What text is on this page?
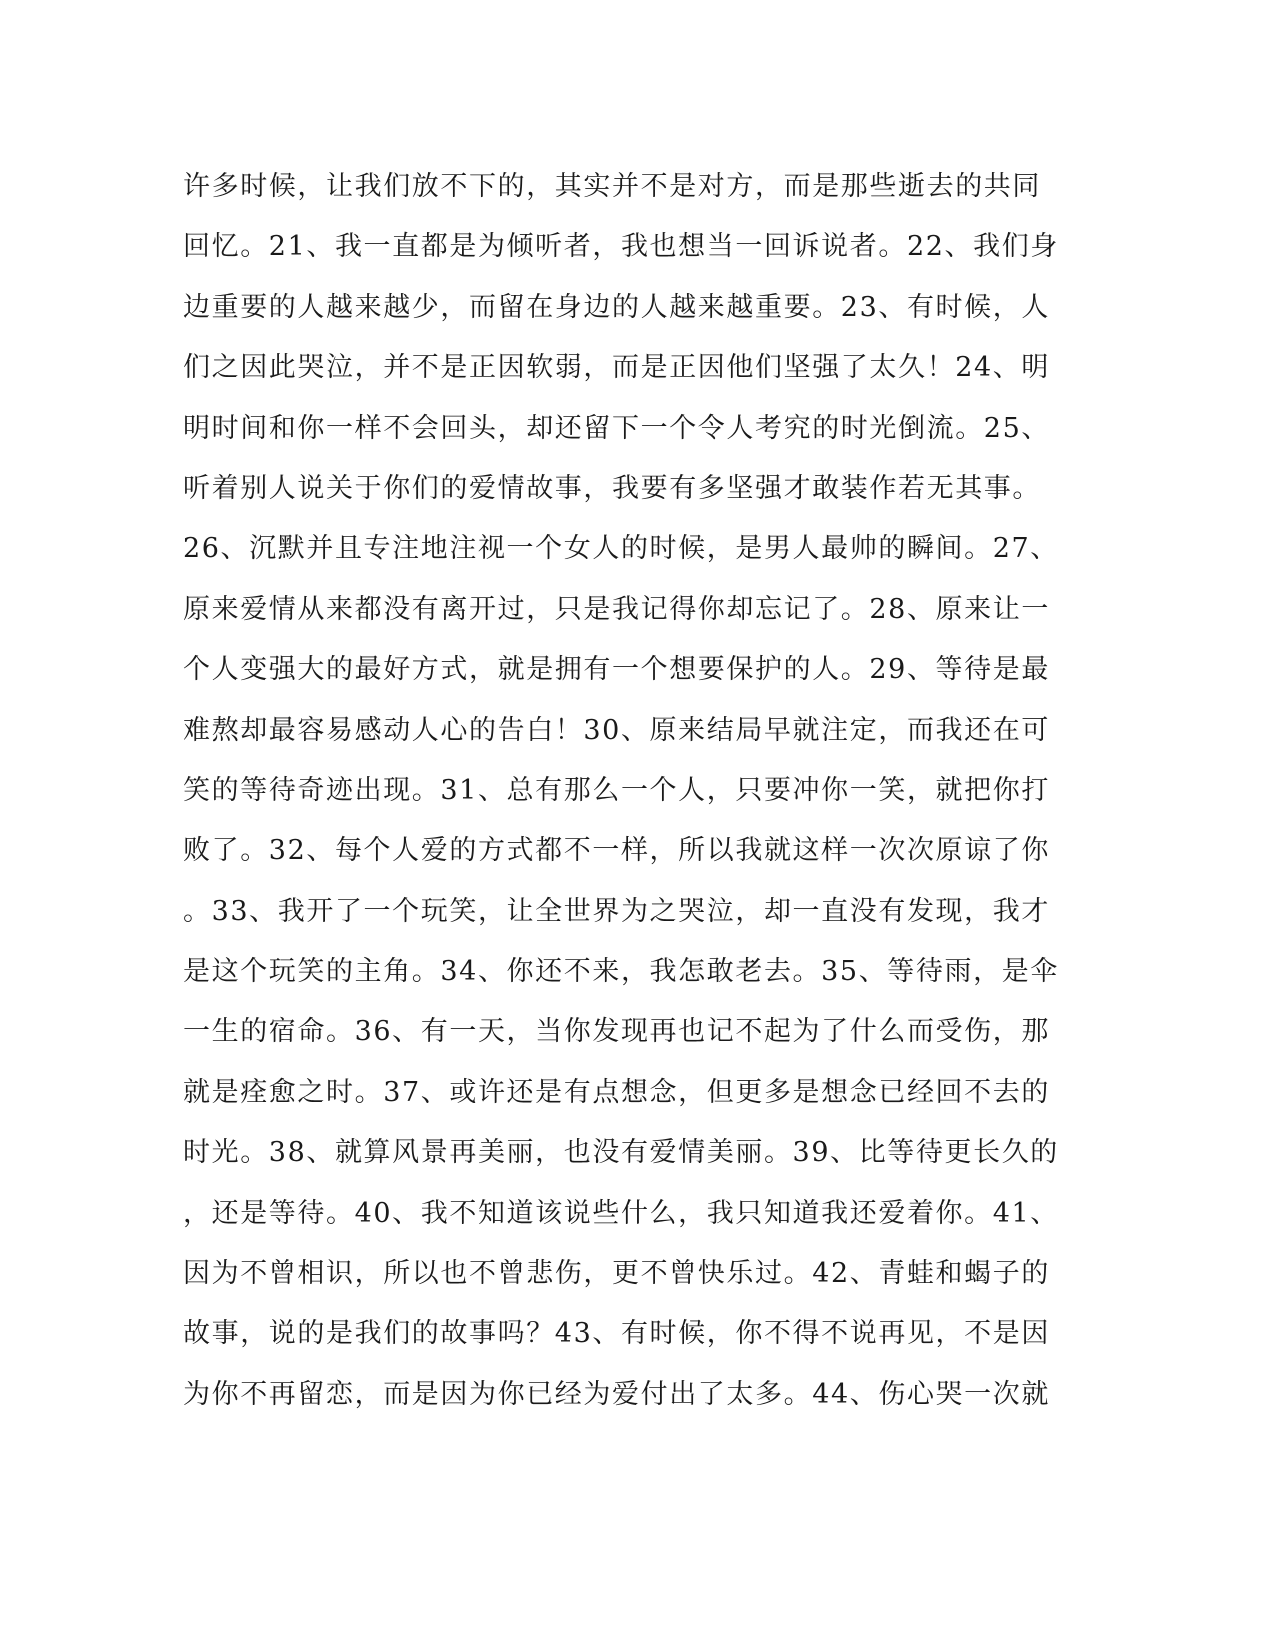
许多时候，让我们放不下的，其实并不是对方，而是那些逝去的共同
回忆。21、我一直都是为倾听者，我也想当一回诉说者。22、我们身
边重要的人越来越少，而留在身边的人越来越重要。23、有时候，人
们之因此哭泣，并不是正因软弱，而是正因他们坚强了太久！24、明
明时间和你一样不会回头，却还留下一个令人考究的时光倒流。25、
听着别人说关于你们的爱情故事，我要有多坚强才敢装作若无其事。
26、沉默并且专注地注视一个女人的时候，是男人最帅的瞬间。27、
原来爱情从来都没有离开过，只是我记得你却忘记了。28、原来让一
个人变强大的最好方式，就是拥有一个想要保护的人。29、等待是最
难熬却最容易感动人心的告白！30、原来结局早就注定，而我还在可
笑的等待奇迹出现。31、总有那么一个人，只要冲你一笑，就把你打
败了。32、每个人爱的方式都不一样，所以我就这样一次次原谅了你
。33、我开了一个玩笑，让全世界为之哭泣，却一直没有发现，我才
是这个玩笑的主角。34、你还不来，我怎敢老去。35、等待雨，是伞
一生的宿命。36、有一天，当你发现再也记不起为了什么而受伤，那
就是痊愈之时。37、或许还是有点想念，但更多是想念已经回不去的
时光。38、就算风景再美丽，也没有爱情美丽。39、比等待更长久的
，还是等待。40、我不知道该说些什么，我只知道我还爱着你。41、
因为不曾相识，所以也不曾悲伤，更不曾快乐过。42、青蛙和蝎子的
故事，说的是我们的故事吗？43、有时候，你不得不说再见，不是因
为你不再留恋，而是因为你已经为爱付出了太多。44、伤心哭一次就
